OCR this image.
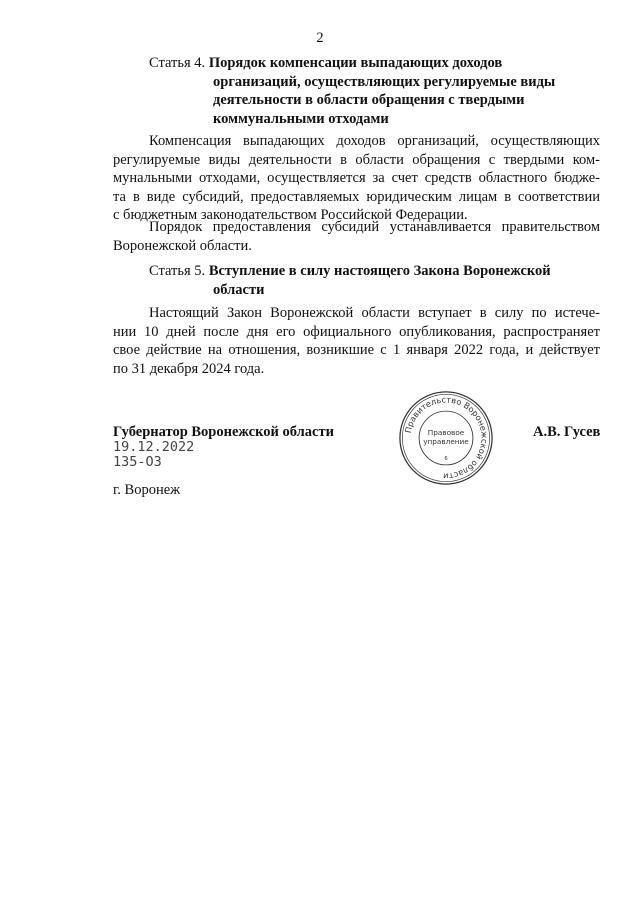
2
Статья 4. Порядок компенсации выпадающих доходов
организаций, осуществляющих регулируемые виды
деятельности в области обращения с твердыми
коммунальными отходами
Компенсация выпадающих доходов организаций, осуществляющих
регулируемые виды деятельности в области обращения с твердыми ком-
мунальными отходами, осуществляется за счет средств областного бюдже-
та в виде субсидий, предоставляемых юридическим лицам в соответствии
с бюджетным законодательством Российской Федерации.
Порядок предоставления субсидий устанавливается правительством
Воронежской области.
Статья 5. Вступление в силу настоящего Закона Воронежской
области
Настоящий Закон Воронежской области вступает в силу по истече-
нии 10 дней после дня его официального опубликования, распространяет
свое действие на отношения, возникшие с 1 января 2022 года, и действует
по 31 декабря 2024 года.
Губернатор Воронежской области
19.12.2022
135-ОЗ
А.В. Гусев
г. Воронеж
Правительство Воронежской области
Правовое
управление
6
